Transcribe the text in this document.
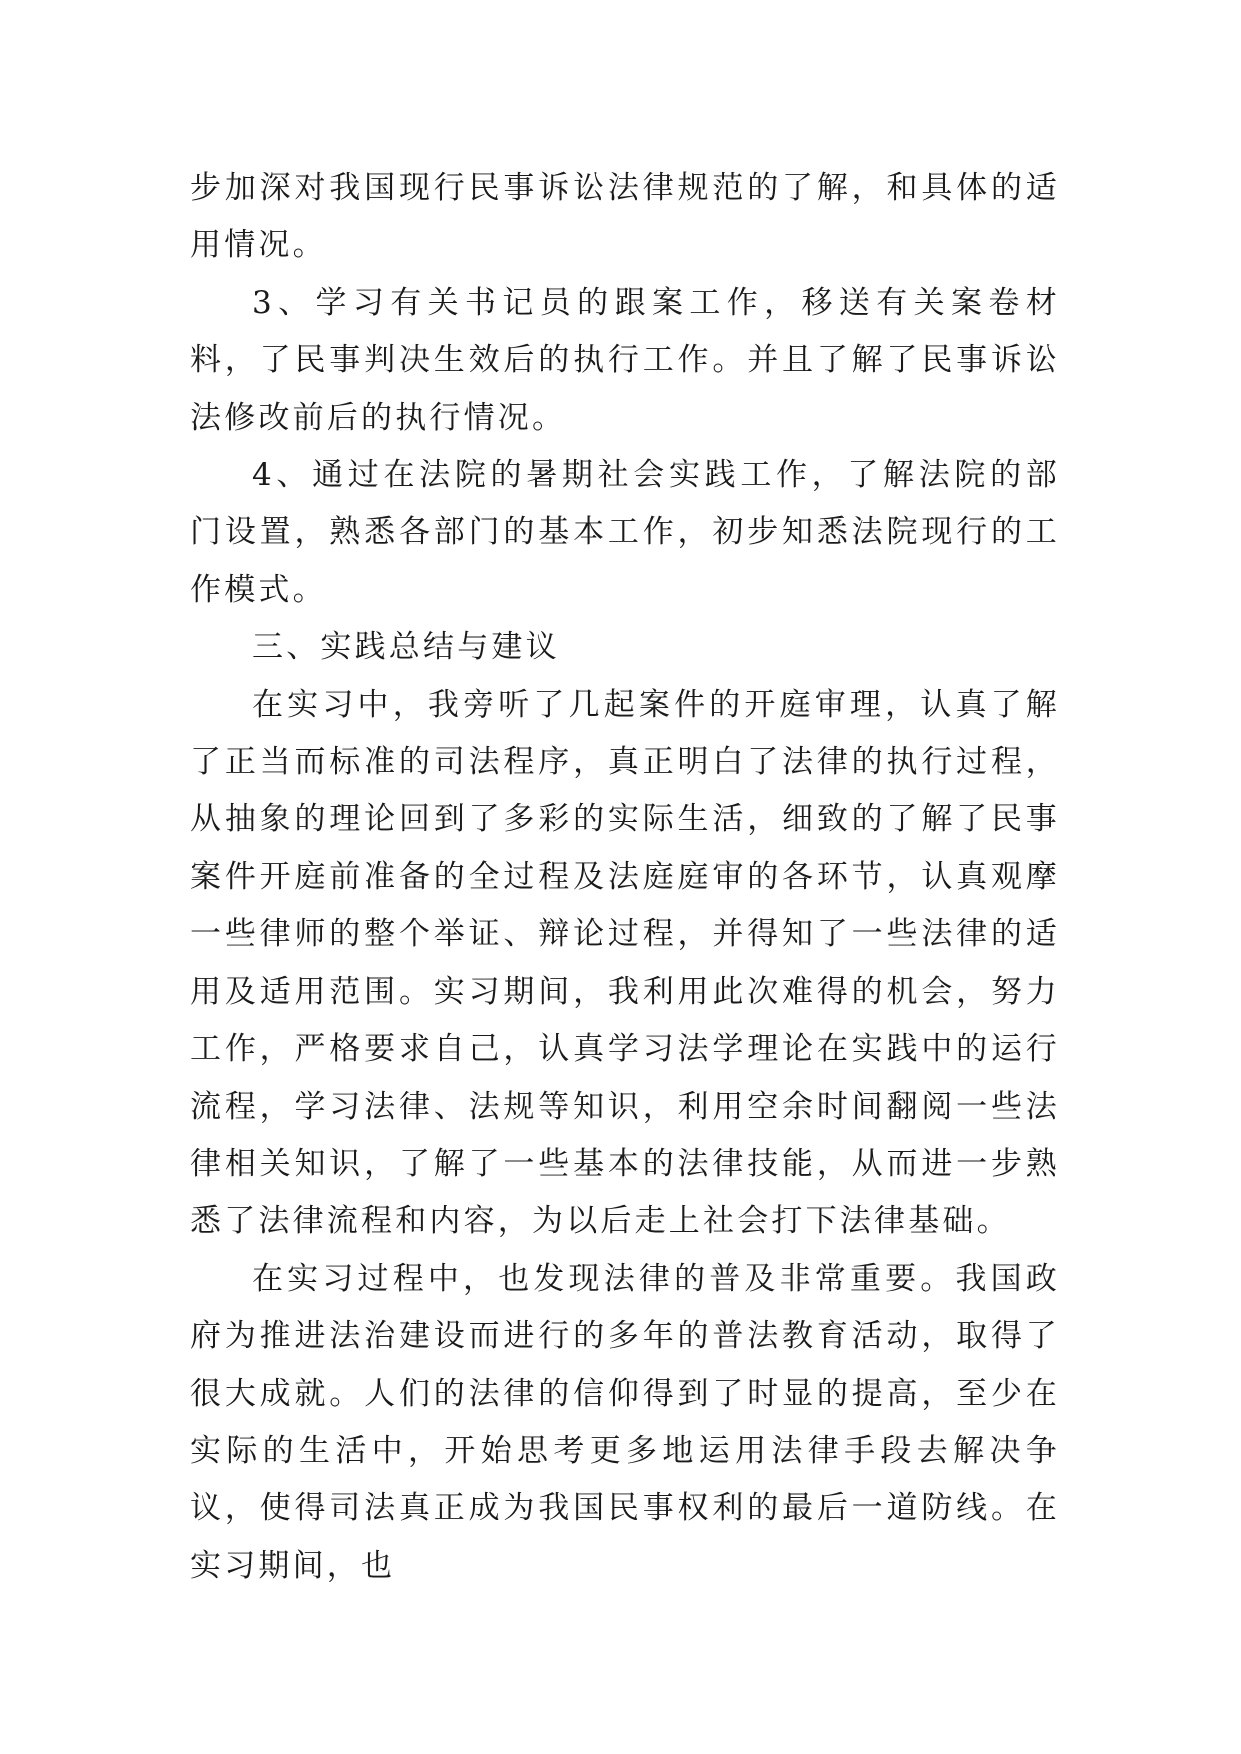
步加深对我国现行民事诉讼法律规范的了解，和具体的适用情况。

3、学习有关书记员的跟案工作，移送有关案卷材料，了民事判决生效后的执行工作。并且了解了民事诉讼法修改前后的执行情况。

4、通过在法院的暑期社会实践工作，了解法院的部门设置，熟悉各部门的基本工作，初步知悉法院现行的工作模式。

三、实践总结与建议

在实习中，我旁听了几起案件的开庭审理，认真了解了正当而标准的司法程序，真正明白了法律的执行过程，从抽象的理论回到了多彩的实际生活，细致的了解了民事案件开庭前准备的全过程及法庭庭审的各环节，认真观摩一些律师的整个举证、辩论过程，并得知了一些法律的适用及适用范围。实习期间，我利用此次难得的机会，努力工作，严格要求自己，认真学习法学理论在实践中的运行流程，学习法律、法规等知识，利用空余时间翻阅一些法律相关知识，了解了一些基本的法律技能，从而进一步熟悉了法律流程和内容，为以后走上社会打下法律基础。

在实习过程中，也发现法律的普及非常重要。我国政府为推进法治建设而进行的多年的普法教育活动，取得了很大成就。人们的法律的信仰得到了时显的提高，至少在实际的生活中，开始思考更多地运用法律手段去解决争议，使得司法真正成为我国民事权利的最后一道防线。在实习期间，也
